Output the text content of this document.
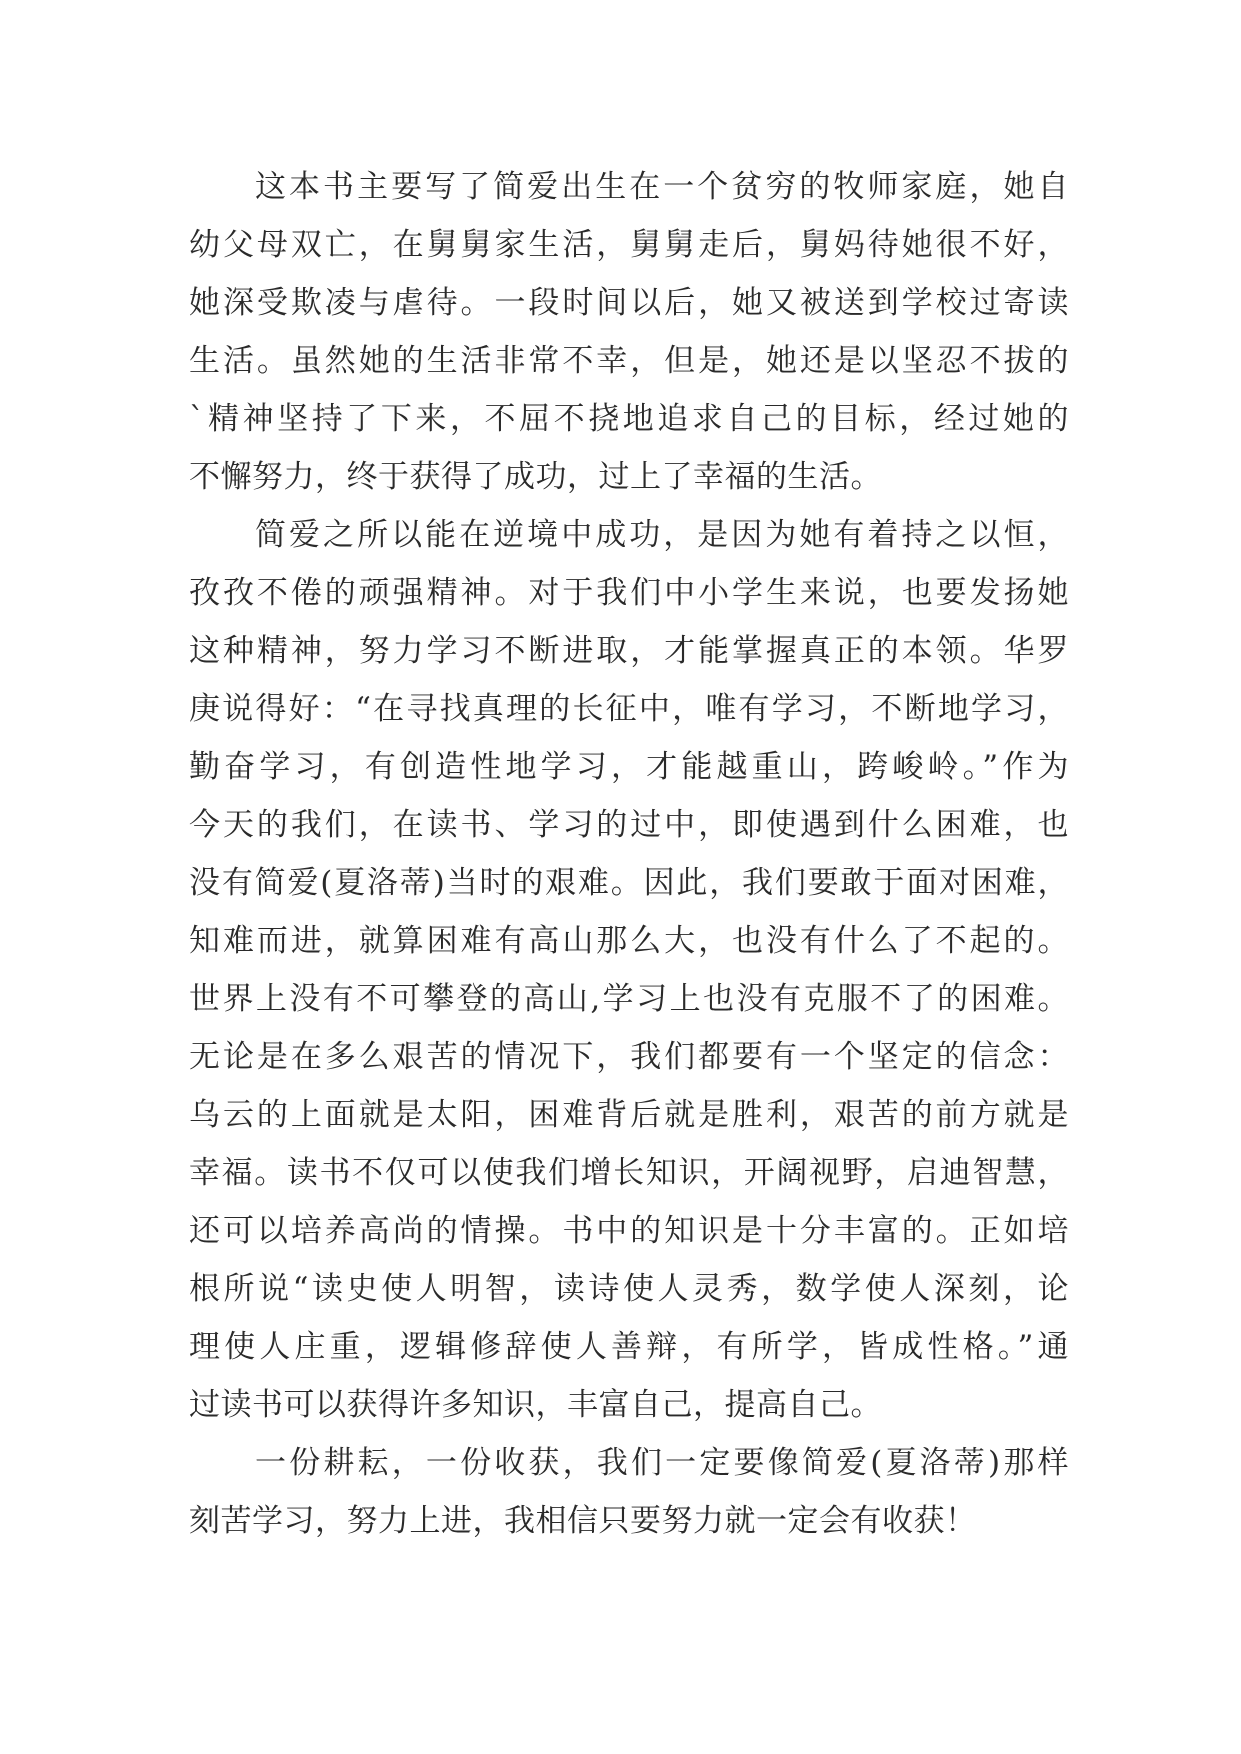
这本书主要写了简爱出生在一个贫穷的牧师家庭，她自
幼父母双亡，在舅舅家生活，舅舅走后，舅妈待她很不好，
她深受欺凌与虐待。一段时间以后，她又被送到学校过寄读
生活。虽然她的生活非常不幸，但是，她还是以坚忍不拔的
`精神坚持了下来，不屈不挠地追求自己的目标，经过她的
不懈努力，终于获得了成功，过上了幸福的生活。
简爱之所以能在逆境中成功，是因为她有着持之以恒，
孜孜不倦的顽强精神。对于我们中小学生来说，也要发扬她
这种精神，努力学习不断进取，才能掌握真正的本领。华罗
庚说得好：“在寻找真理的长征中，唯有学习，不断地学习，
勤奋学习，有创造性地学习，才能越重山，跨峻岭。”作为
今天的我们，在读书、学习的过中，即使遇到什么困难，也
没有简爱(夏洛蒂)当时的艰难。因此，我们要敢于面对困难，
知难而进，就算困难有高山那么大，也没有什么了不起的。
世界上没有不可攀登的高山,学习上也没有克服不了的困难。
无论是在多么艰苦的情况下，我们都要有一个坚定的信念：
乌云的上面就是太阳，困难背后就是胜利，艰苦的前方就是
幸福。读书不仅可以使我们增长知识，开阔视野，启迪智慧，
还可以培养高尚的情操。书中的知识是十分丰富的。正如培
根所说“读史使人明智，读诗使人灵秀，数学使人深刻，论
理使人庄重，逻辑修辞使人善辩，有所学，皆成性格。”通
过读书可以获得许多知识，丰富自己，提高自己。
一份耕耘，一份收获，我们一定要像简爱(夏洛蒂)那样
刻苦学习，努力上进，我相信只要努力就一定会有收获！
